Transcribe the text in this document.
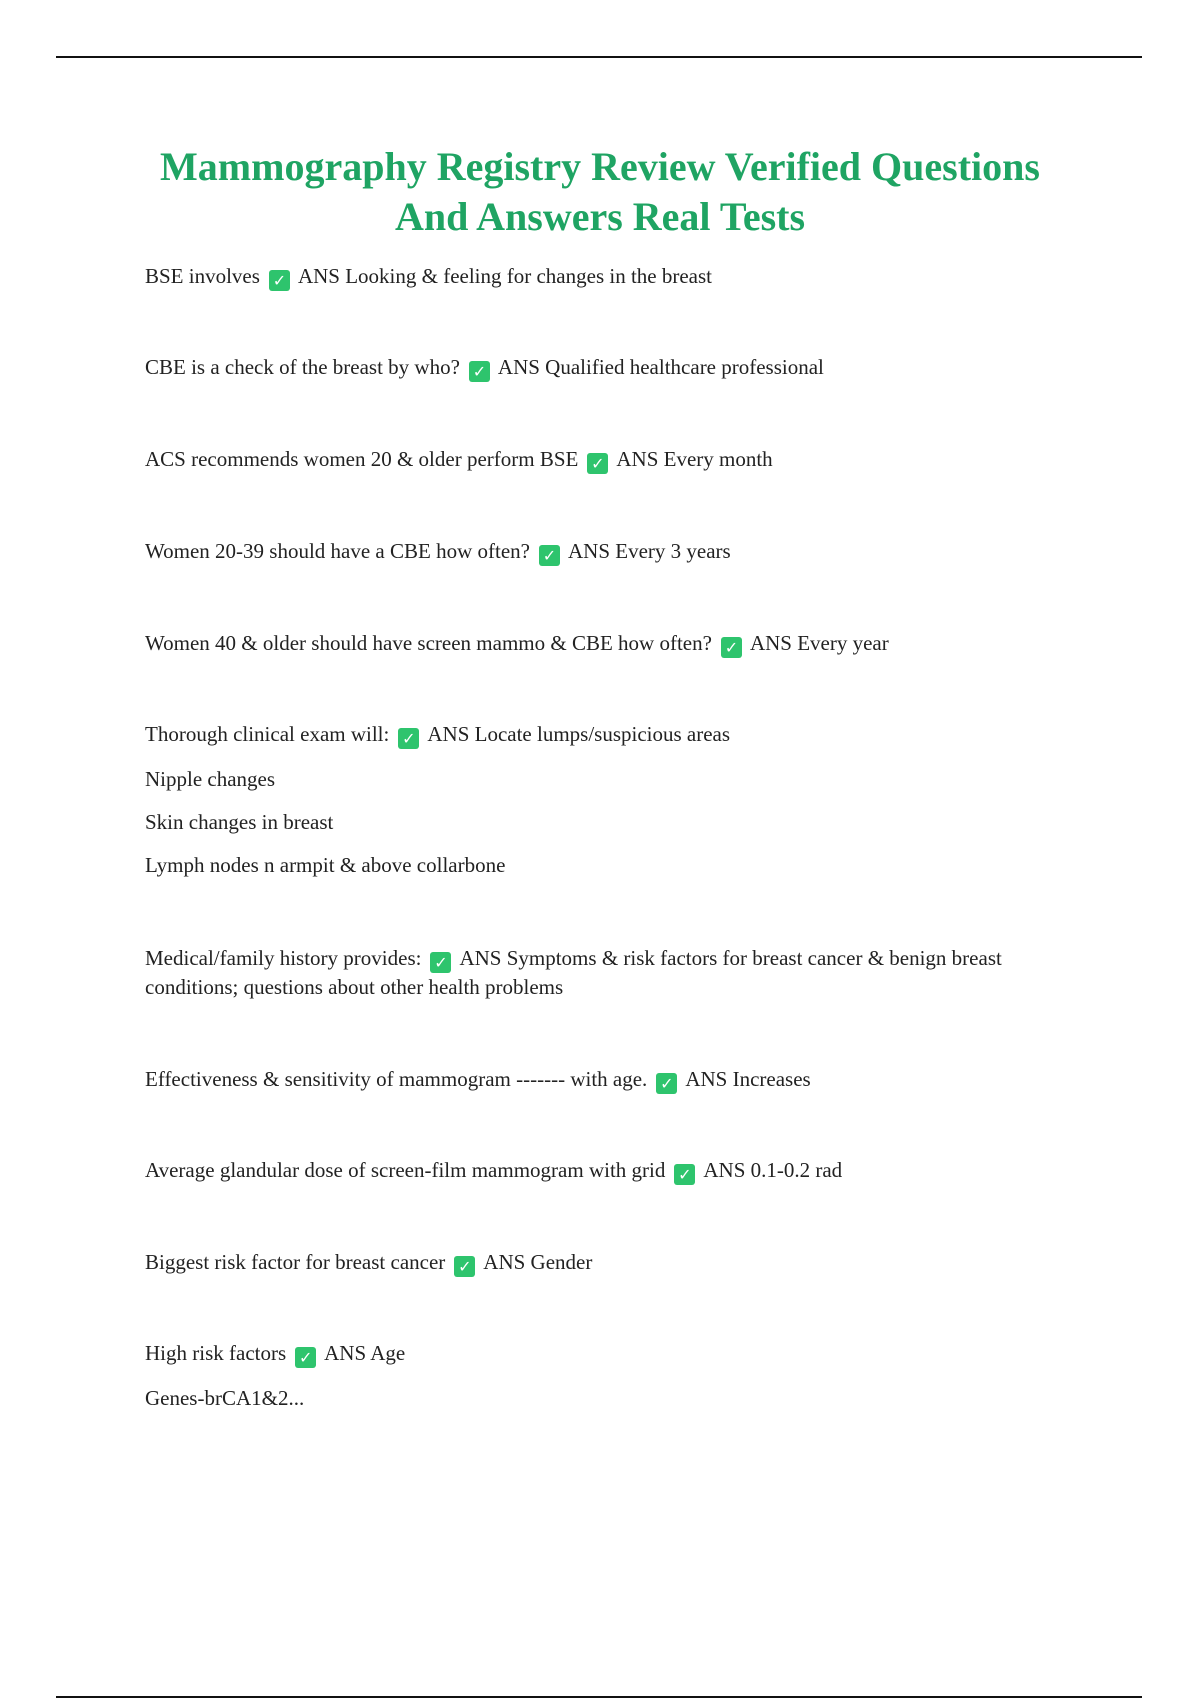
Mammography Registry Review Verified Questions
And Answers Real Tests

BSE involves ✓ ANS Looking & feeling for changes in the breast

CBE is a check of the breast by who? ✓ ANS Qualified healthcare professional

ACS recommends women 20 & older perform BSE ✓ ANS Every month

Women 20-39 should have a CBE how often? ✓ ANS Every 3 years

Women 40 & older should have screen mammo & CBE how often? ✓ ANS Every year

Thorough clinical exam will: ✓ ANS Locate lumps/suspicious areas

Nipple changes

Skin changes in breast

Lymph nodes n armpit & above collarbone

Medical/family history provides: ✓ ANS Symptoms & risk factors for breast cancer & benign breast conditions; questions about other health problems

Effectiveness & sensitivity of mammogram ------- with age. ✓ ANS Increases

Average glandular dose of screen-film mammogram with grid ✓ ANS 0.1-0.2 rad

Biggest risk factor for breast cancer ✓ ANS Gender

High risk factors ✓ ANS Age

Genes-brCA1&2...
